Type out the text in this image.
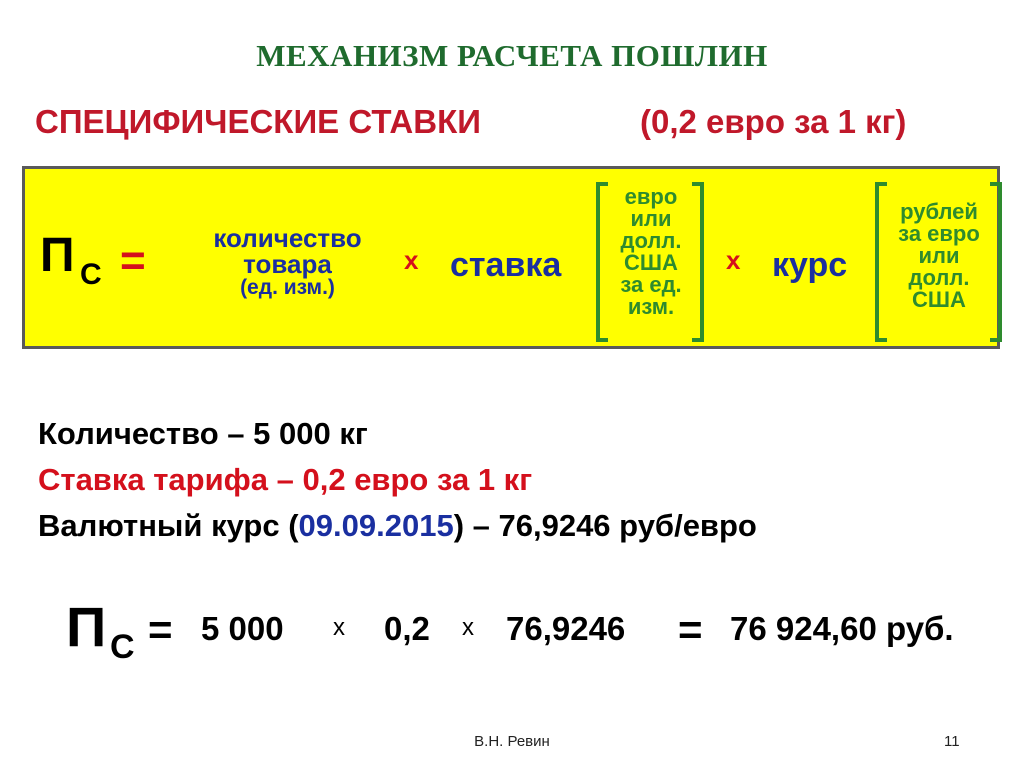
МЕХАНИЗМ РАСЧЕТА ПОШЛИН
СПЕЦИФИЧЕСКИЕ СТАВКИ	(0,2 евро за 1 кг)
П С =	количество
товара
(ед. изм.)
х ставка
евро
или
долл.
США
за ед.
изм.
х курс
рублей
за евро
или
долл.
США
Количество – 5 000 кг
Ставка тарифа – 0,2 евро за 1 кг
Валютный курс (09.09.2015) – 76,9246 руб/евро
П С = 5 000 х 0,2 х 76,9246 = 76 924,60 руб.
В.Н. Ревин	11
